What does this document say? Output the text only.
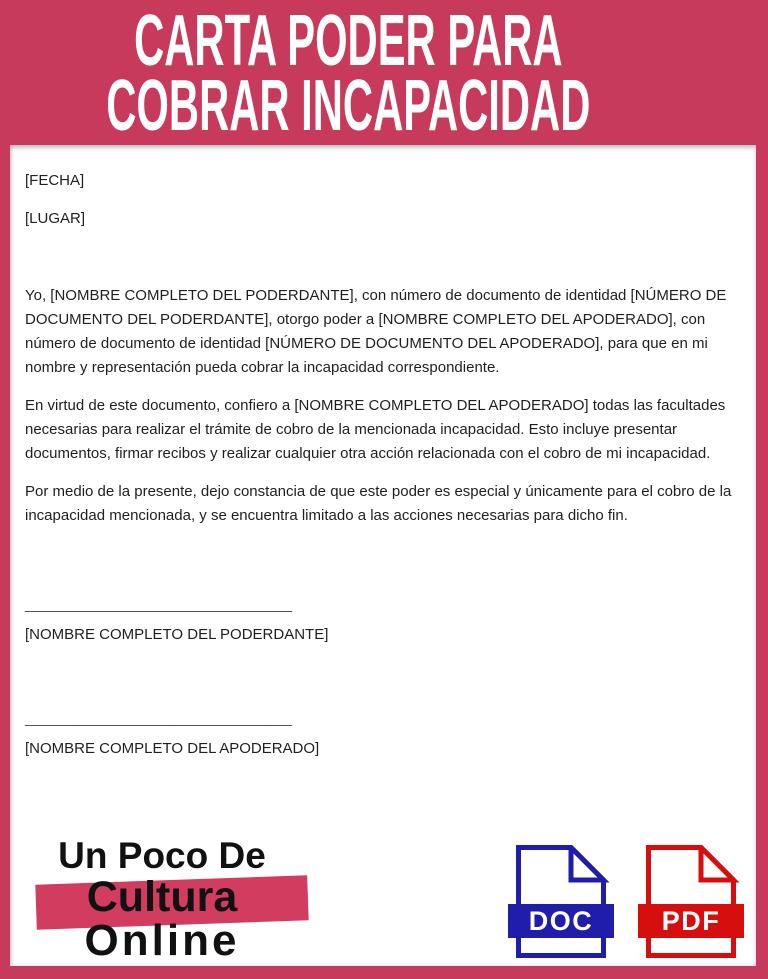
CARTA PODER PARA
COBRAR INCAPACIDAD

[FECHA]

[LUGAR]

Yo, [NOMBRE COMPLETO DEL PODERDANTE], con número de documento de identidad [NÚMERO DE DOCUMENTO DEL PODERDANTE], otorgo poder a [NOMBRE COMPLETO DEL APODERADO], con número de documento de identidad [NÚMERO DE DOCUMENTO DEL APODERADO], para que en mi nombre y representación pueda cobrar la incapacidad correspondiente.

En virtud de este documento, confiero a [NOMBRE COMPLETO DEL APODERADO] todas las facultades necesarias para realizar el trámite de cobro de la mencionada incapacidad. Esto incluye presentar documentos, firmar recibos y realizar cualquier otra acción relacionada con el cobro de mi incapacidad.

Por medio de la presente, dejo constancia de que este poder es especial y únicamente para el cobro de la incapacidad mencionada, y se encuentra limitado a las acciones necesarias para dicho fin.

________________________________
[NOMBRE COMPLETO DEL PODERDANTE]
________________________________
[NOMBRE COMPLETO DEL APODERADO]
Un Poco De
Cultura
Online	DOC	PDF
